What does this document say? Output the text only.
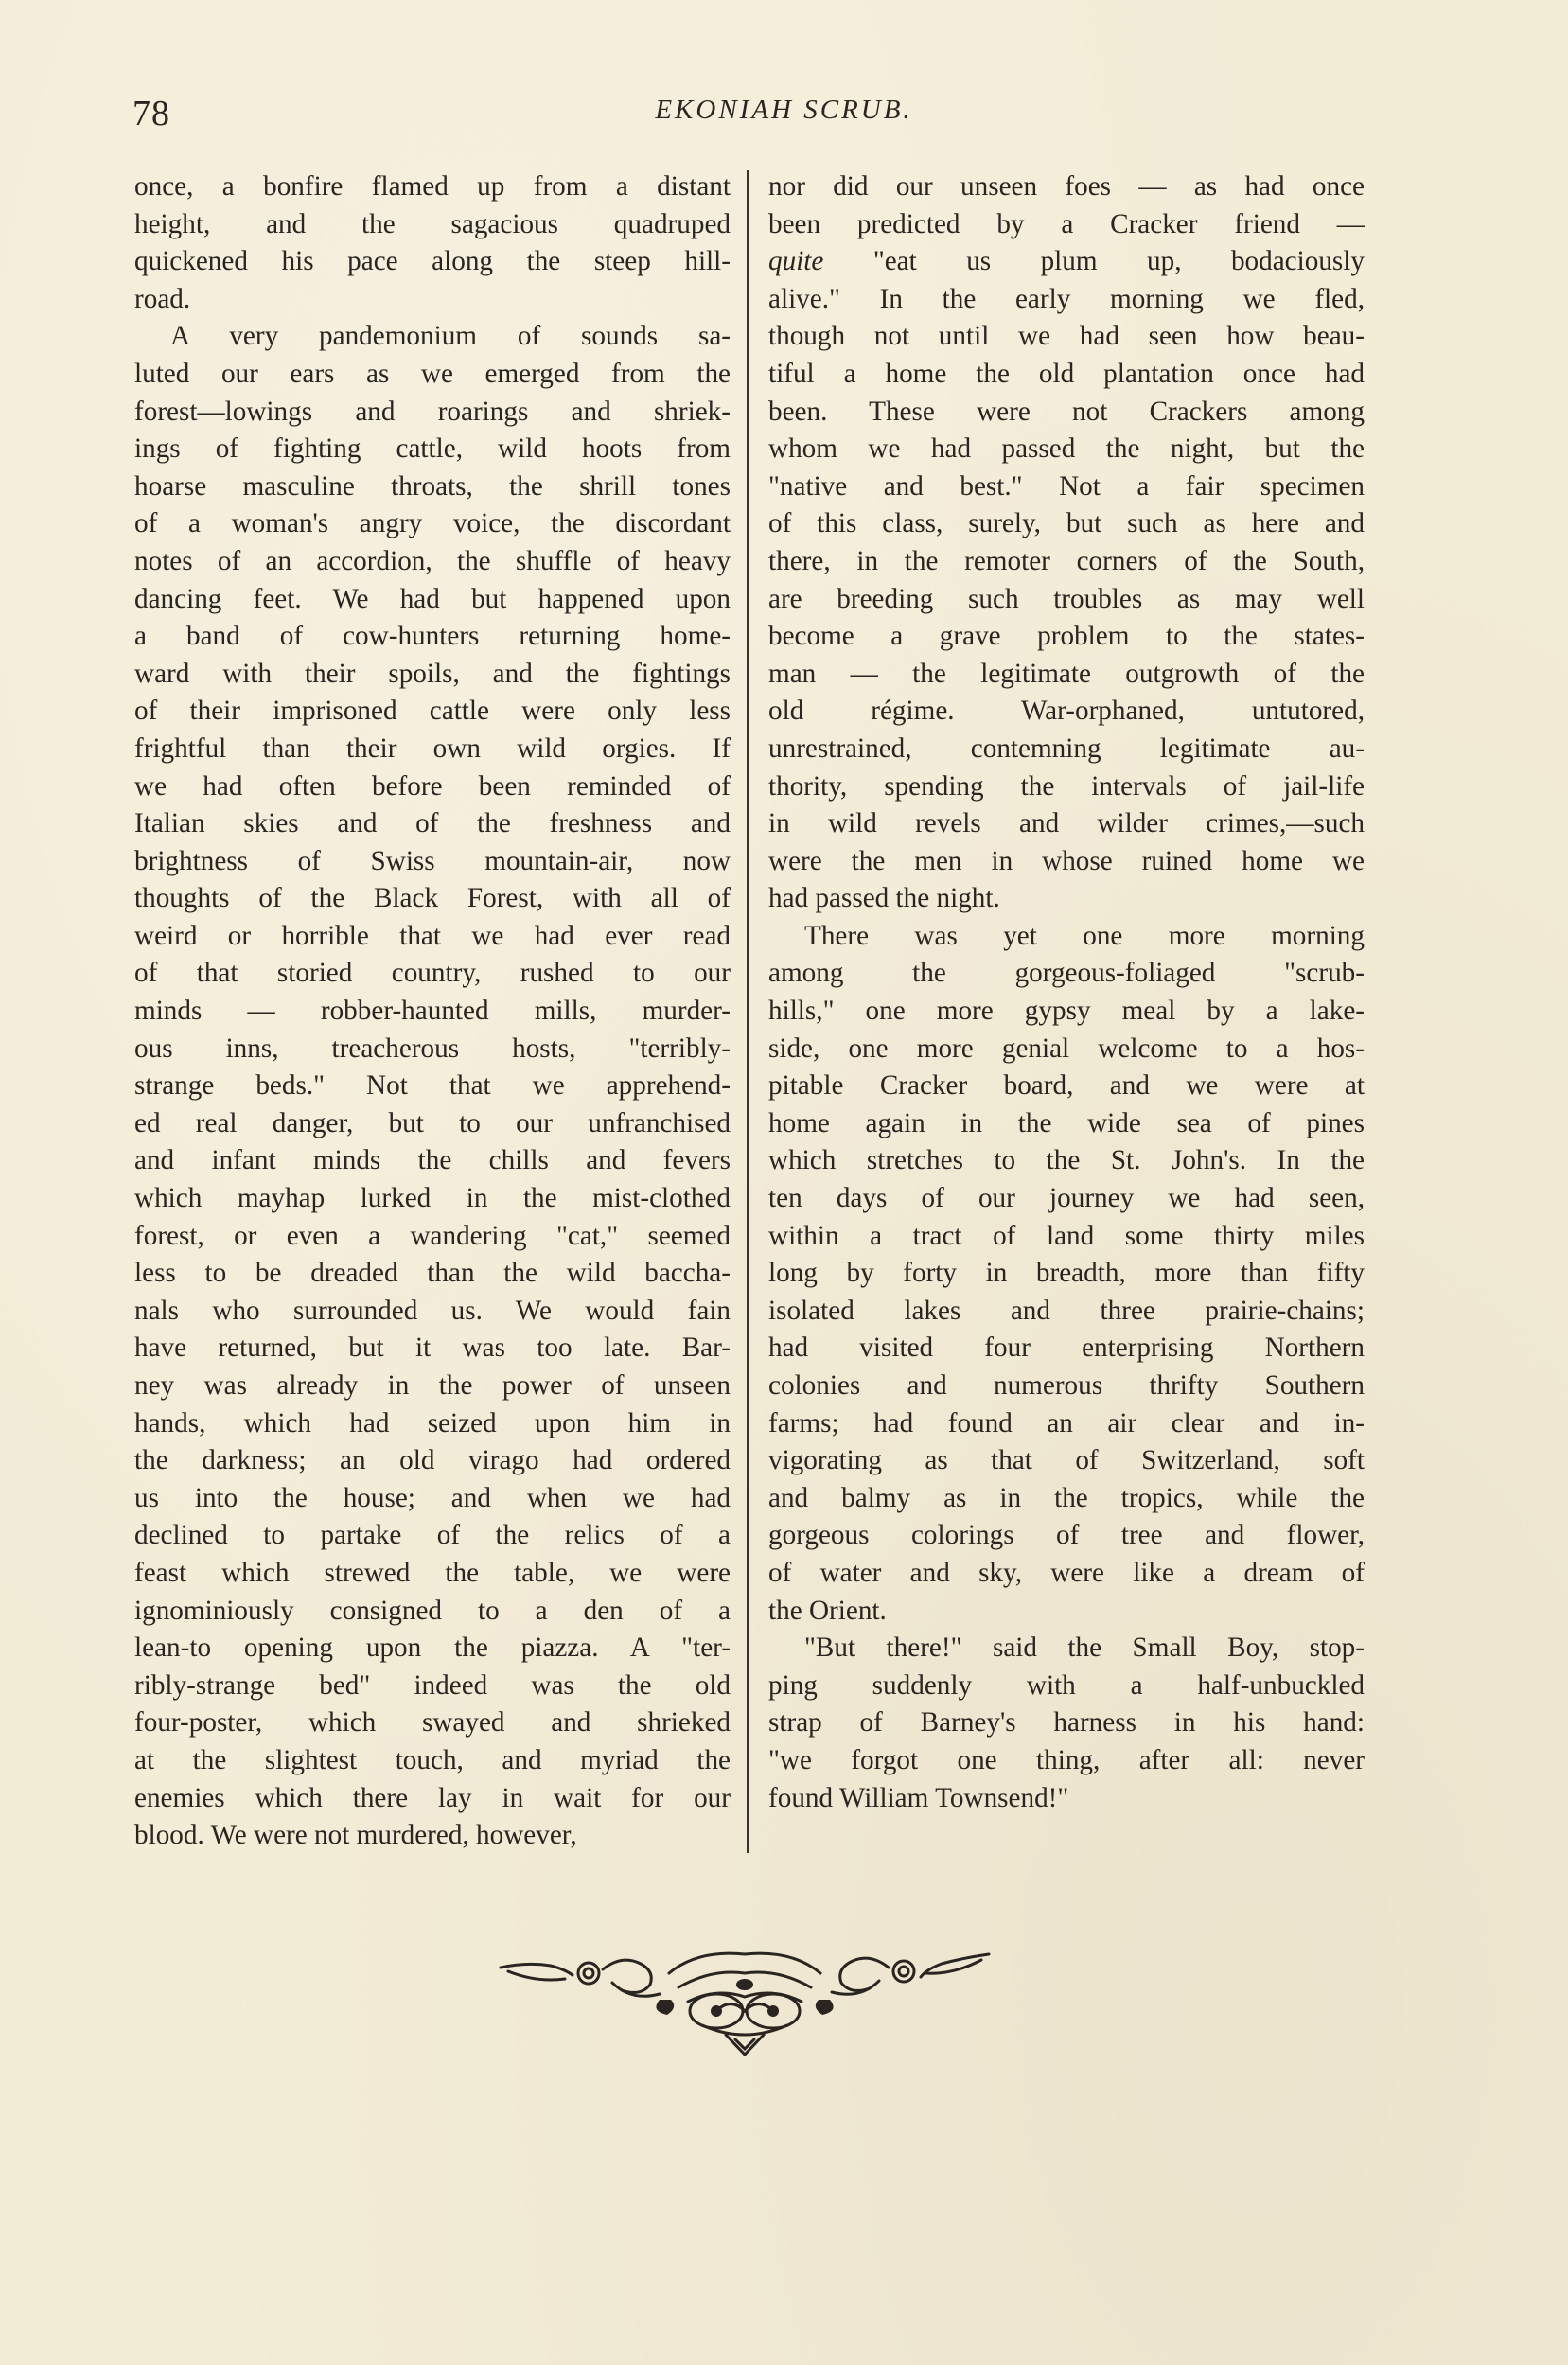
78	EKONIAH SCRUB.
once, a bonfire flamed up from a distant
height, and the sagacious quadruped
quickened his pace along the steep hill-
road.
A very pandemonium of sounds sa-
luted our ears as we emerged from the
forest—lowings and roarings and shriek-
ings of fighting cattle, wild hoots from
hoarse masculine throats, the shrill tones
of a woman's angry voice, the discordant
notes of an accordion, the shuffle of heavy
dancing feet. We had but happened upon
a band of cow-hunters returning home-
ward with their spoils, and the fightings
of their imprisoned cattle were only less
frightful than their own wild orgies. If
we had often before been reminded of
Italian skies and of the freshness and
brightness of Swiss mountain-air, now
thoughts of the Black Forest, with all of
weird or horrible that we had ever read
of that storied country, rushed to our
minds — robber-haunted mills, murder-
ous inns, treacherous hosts, "terribly-
strange beds." Not that we apprehend-
ed real danger, but to our unfranchised
and infant minds the chills and fevers
which mayhap lurked in the mist-clothed
forest, or even a wandering "cat," seemed
less to be dreaded than the wild baccha-
nals who surrounded us. We would fain
have returned, but it was too late. Bar-
ney was already in the power of unseen
hands, which had seized upon him in
the darkness; an old virago had ordered
us into the house; and when we had
declined to partake of the relics of a
feast which strewed the table, we were
ignominiously consigned to a den of a
lean-to opening upon the piazza. A "ter-
ribly-strange bed" indeed was the old
four-poster, which swayed and shrieked
at the slightest touch, and myriad the
enemies which there lay in wait for our
blood. We were not murdered, however,
nor did our unseen foes — as had once
been predicted by a Cracker friend —
quite "eat us plum up, bodaciously
alive." In the early morning we fled,
though not until we had seen how beau-
tiful a home the old plantation once had
been. These were not Crackers among
whom we had passed the night, but the
"native and best." Not a fair specimen
of this class, surely, but such as here and
there, in the remoter corners of the South,
are breeding such troubles as may well
become a grave problem to the states-
man — the legitimate outgrowth of the
old régime. War-orphaned, untutored,
unrestrained, contemning legitimate au-
thority, spending the intervals of jail-life
in wild revels and wilder crimes,—such
were the men in whose ruined home we
had passed the night.
There was yet one more morning
among the gorgeous-foliaged "scrub-
hills," one more gypsy meal by a lake-
side, one more genial welcome to a hos-
pitable Cracker board, and we were at
home again in the wide sea of pines
which stretches to the St. John's. In the
ten days of our journey we had seen,
within a tract of land some thirty miles
long by forty in breadth, more than fifty
isolated lakes and three prairie-chains;
had visited four enterprising Northern
colonies and numerous thrifty Southern
farms; had found an air clear and in-
vigorating as that of Switzerland, soft
and balmy as in the tropics, while the
gorgeous colorings of tree and flower,
of water and sky, were like a dream of
the Orient.
"But there!" said the Small Boy, stop-
ping suddenly with a half-unbuckled
strap of Barney's harness in his hand:
"we forgot one thing, after all: never
found William Townsend!"
